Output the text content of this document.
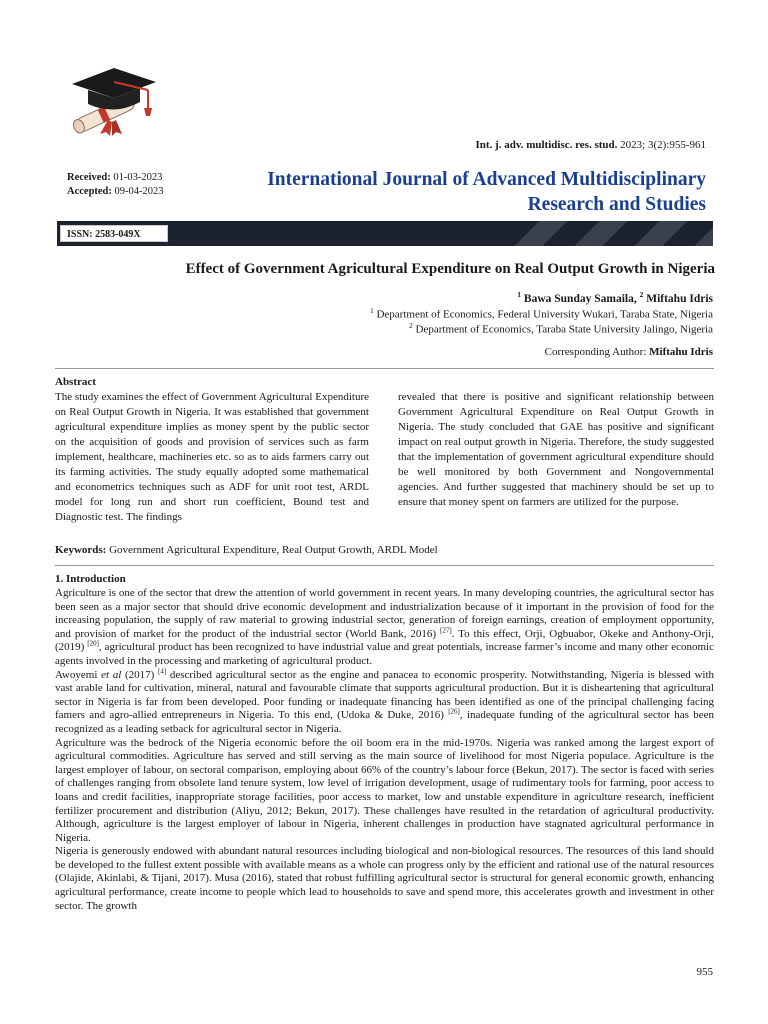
Int. j. adv. multidisc. res. stud. 2023; 3(2):955-961
Received: 01-03-2023
Accepted: 09-04-2023
International Journal of Advanced Multidisciplinary
Research and Studies
ISSN: 2583-049X
Effect of Government Agricultural Expenditure on Real Output Growth in Nigeria
$^1$ Bawa Sunday Samaila, $^2$ Miftahu Idris
$^1$ Department of Economics, Federal University Wukari, Taraba State, Nigeria
$^2$ Department of Economics, Taraba State University Jalingo, Nigeria
Corresponding Author: Miftahu Idris
Abstract
The study examines the effect of Government Agricultural Expenditure on Real Output Growth in Nigeria. It was established that government agricultural expenditure implies as money spent by the public sector on the acquisition of goods and provision of services such as farm implement, healthcare, machineries etc. so as to aids farmers carry out its farming activities. The study equally adopted some mathematical and econometrics techniques such as ADF for unit root test, ARDL model for long run and short run coefficient, Bound test and Diagnostic test. The findings
revealed that there is positive and significant relationship between Government Agricultural Expenditure on Real Output Growth in Nigeria. The study concluded that GAE has positive and significant impact on real output growth in Nigeria. Therefore, the study suggested that the implementation of government agricultural expenditure should be well monitored by both Government and Nongovernmental agencies. And further suggested that machinery should be set up to ensure that money spent on farmers are utilized for the purpose.
Keywords: Government Agricultural Expenditure, Real Output Growth, ARDL Model
1. Introduction

Agriculture is one of the sector that drew the attention of world government in recent years. In many developing countries, the agricultural sector has been seen as a major sector that should drive economic development and industrialization because of it important in the provision of food for the increasing population, the supply of raw material to growing industrial sector, generation of foreign earnings, creation of employment opportunity, and provision of market for the product of the industrial sector (World Bank, 2016) [27]. To this effect, Orji, Ogbuabor, Okeke and Anthony-Orji, (2019) [20], agricultural product has been recognized to have industrial value and great potentials, increase farmer’s income and many other economic agents involved in the processing and marketing of agricultural product.

Awoyemi et al (2017) [4] described agricultural sector as the engine and panacea to economic prosperity. Notwithstanding, Nigeria is blessed with vast arable land for cultivation, mineral, natural and favourable climate that supports agricultural production. But it is disheartening that agricultural sector in Nigeria is far from been developed. Poor funding or inadequate financing has been identified as one of the principal challenging facing famers and agro-allied entrepreneurs in Nigeria. To this end, (Udoka & Duke, 2016) [26], inadequate funding of the agricultural sector has been recognized as a leading setback for agricultural sector in Nigeria.

Agriculture was the bedrock of the Nigeria economic before the oil boom era in the mid-1970s. Nigeria was ranked among the largest export of agricultural commodities. Agriculture has served and still serving as the main source of livelihood for most Nigeria populace. Agriculture is the largest employer of labour, on sectoral comparison, employing about 66% of the country’s labour force (Bekun, 2017). The sector is faced with series of challenges ranging from obsolete land tenure system, low level of irrigation development, usage of rudimentary tools for farming, poor access to loans and credit facilities, inappropriate storage facilities, poor access to market, low and unstable expenditure in agriculture research, inefficient fertilizer procurement and distribution (Aliyu, 2012; Bekun, 2017). These challenges have resulted in the retardation of agricultural productivity. Although, agriculture is the largest employer of labour in Nigeria, inherent challenges in production have stagnated agricultural performance in Nigeria.

Nigeria is generously endowed with abundant natural resources including biological and non-biological resources. The resources of this land should be developed to the fullest extent possible with available means as a whole can progress only by the efficient and rational use of the natural resources (Olajide, Akinlabi, & Tijani, 2017). Musa (2016), stated that robust fulfilling agricultural sector is structural for general economic growth, enhancing agricultural performance, create income to people which lead to households to save and spend more, this accelerates growth and investment in other sector. The growth

955
